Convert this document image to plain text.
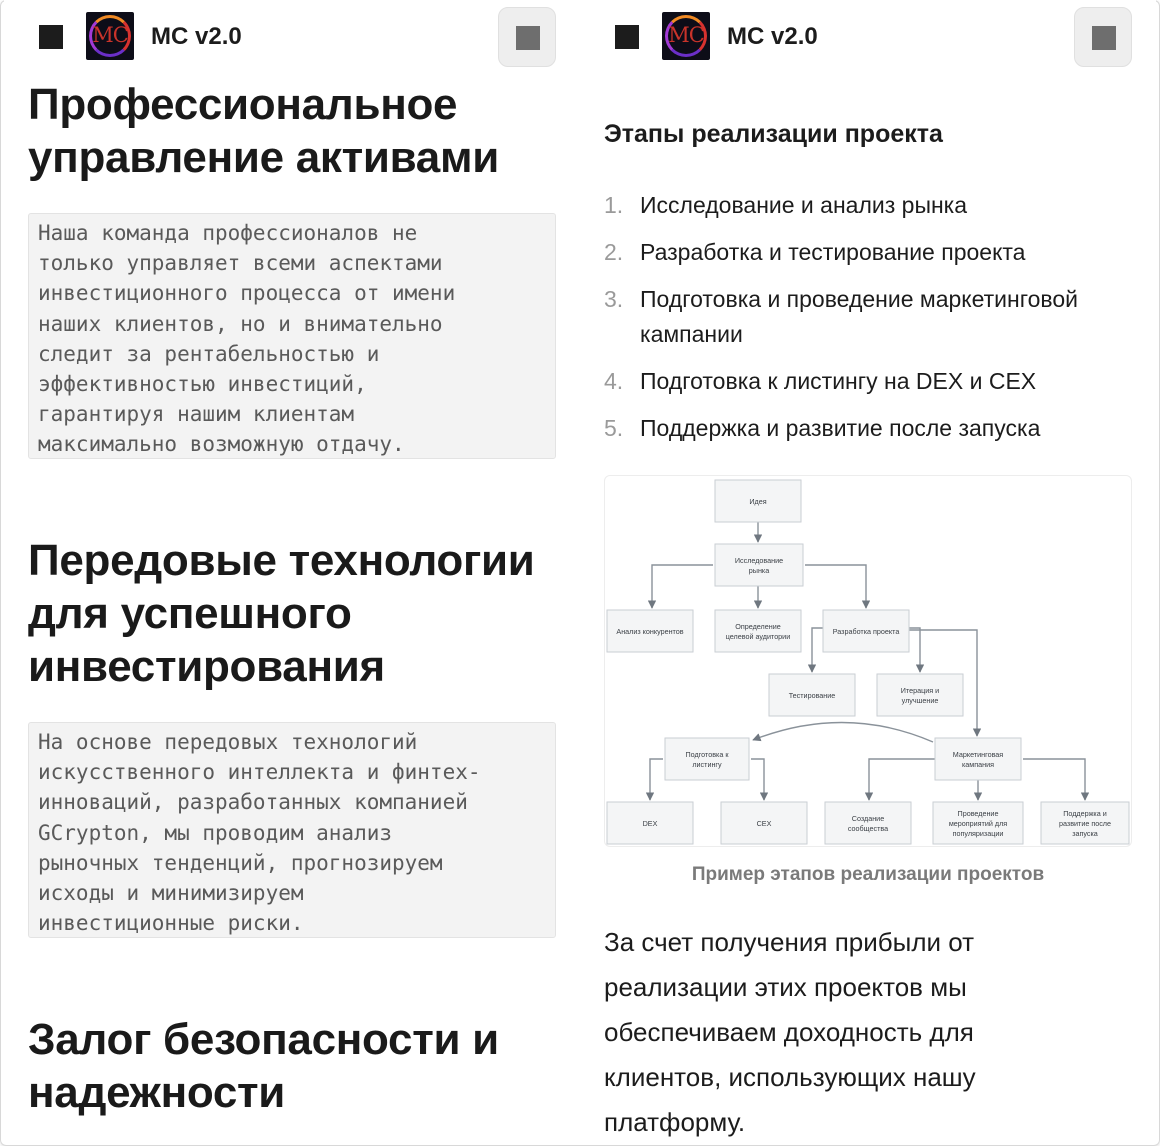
MC MC v2.0
Профессиональное управление активами
Наша команда профессионалов не
только управляет всеми аспектами
инвестиционного процесса от имени
наших клиентов, но и внимательно
следит за рентабельностью и
эффективностью инвестиций,
гарантируя нашим клиентам
максимально возможную отдачу.
Передовые технологии для успешного инвестирования
На основе передовых технологий
искусственного интеллекта и финтех-
инноваций, разработанных компанией
GCrypton, мы проводим анализ
рыночных тенденций, прогнозируем
исходы и минимизируем
инвестиционные риски.
Залог безопасности и надежности
MC MC v2.0
Этапы реализации проекта
1. Исследование и анализ рынка
2. Разработка и тестирование проекта
3. Подготовка и проведение маркетинговой кампании
4. Подготовка к листингу на DEX и CEX
5. Поддержка и развитие после запуска
Идея
Исследование
рынка
Анализ конкурентов
Определение
целевой аудитории
Разработка проекта
Тестирование
Итерация и
улучшение
Подготовка к
листингу
Маркетинговая
кампания
DEX	CEX
Создание
сообщества
Проведение
мероприятий для
популяризации
Поддержка и
развитие после
запуска
Пример этапов реализации проектов
За счет получения прибыли от реализации этих проектов мы обеспечиваем доходность для клиентов, использующих нашу платформу.
